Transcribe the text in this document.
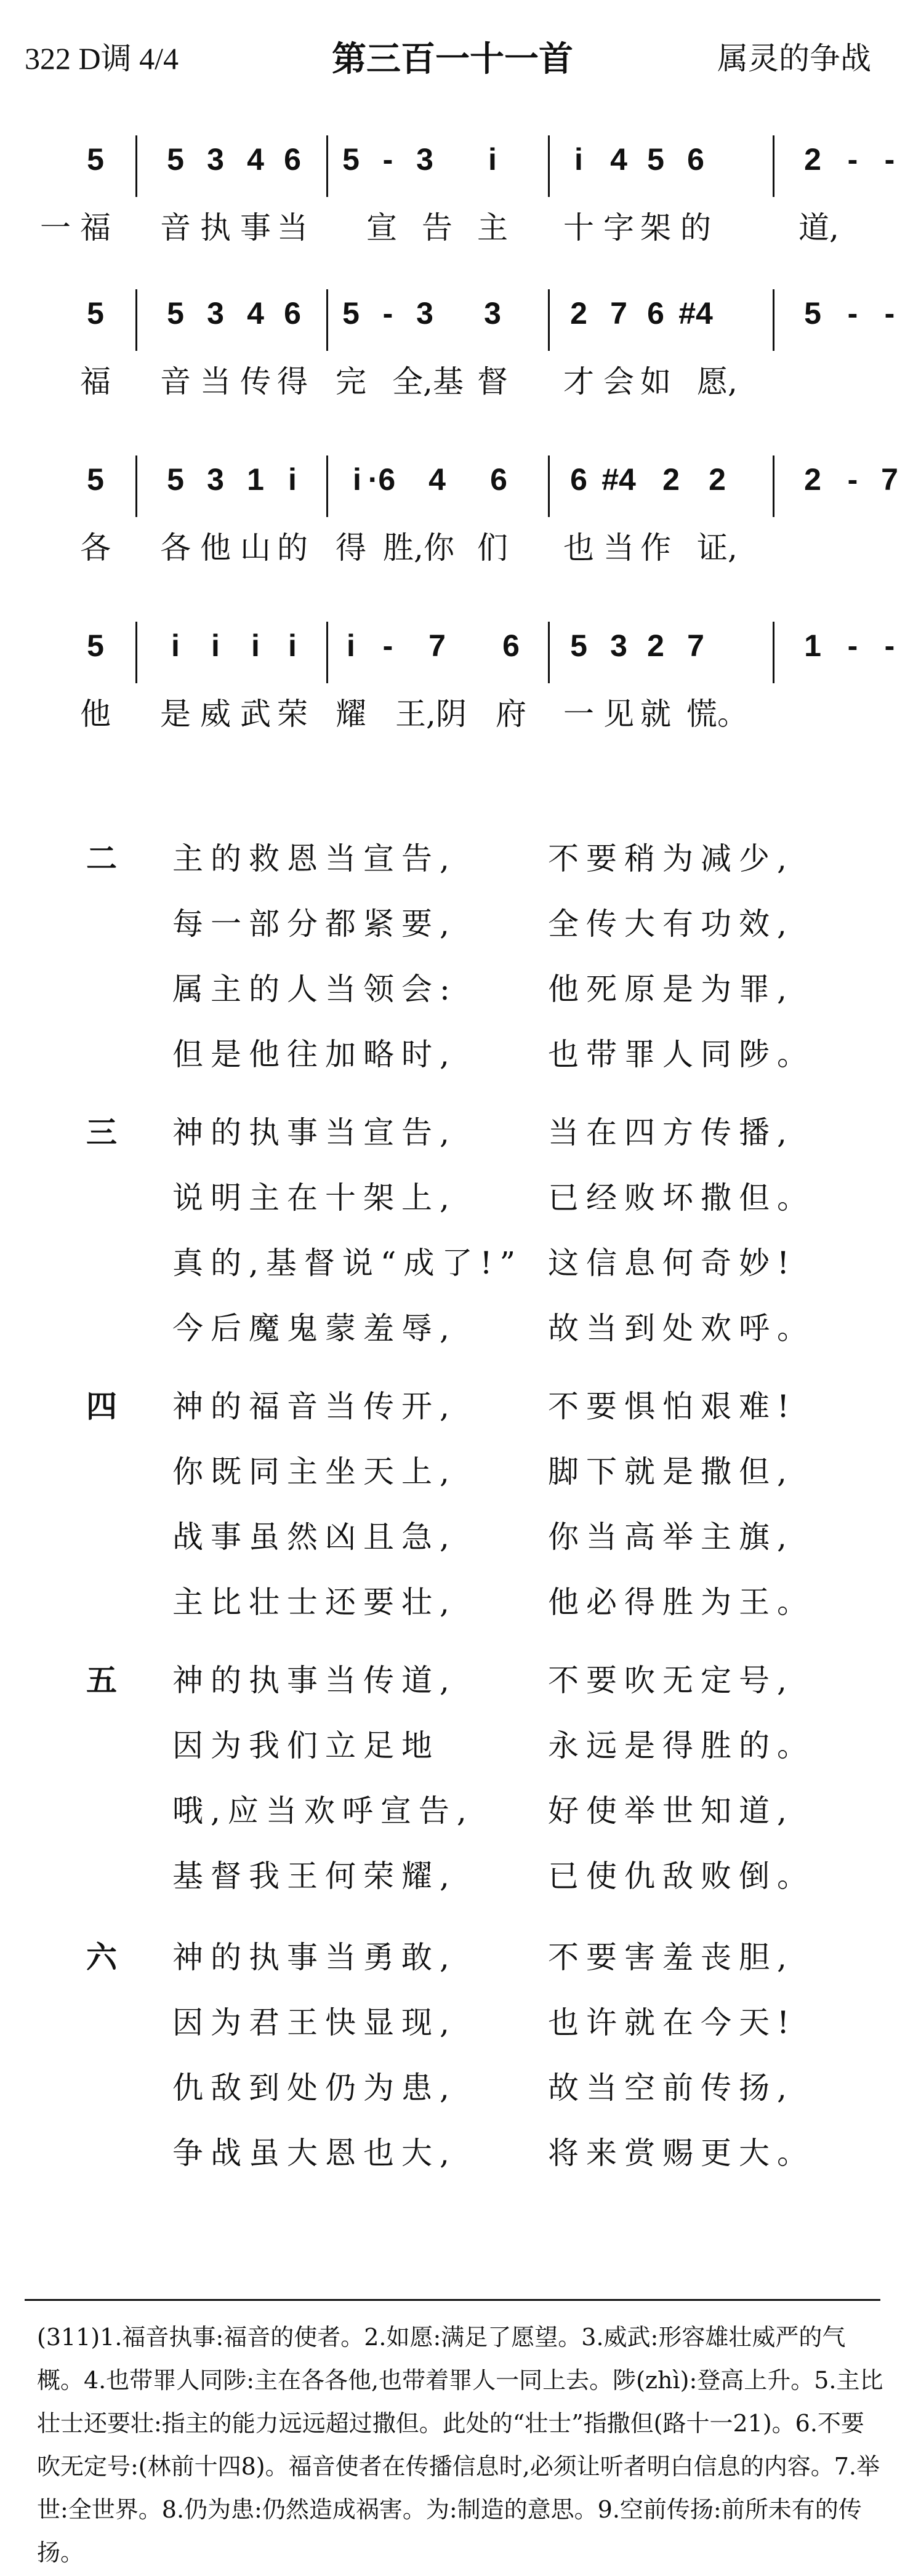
322 D调 4/4	第三百一十一首	属灵的争战
5 5 3 4 6 5 - 3 i	i 4 5 6	2 - -
一 福 音 执 事 当 宣 告 主 十 字 架 的	道,
5 5 3 4 6 5 - 3 3 2 7 6 #4	5 - -
福 音 当 传 得 完 全,基 督 才 会 如 愿,
5 5 3 1 i i ·6 4 6 6 #4 2 2	2 - 7
各 各 他 山 的 得 胜,你 们 也 当 作 证,
5 i i i i i - 7 6 5 3 2 7	1 - -
他 是 威 武 荣 耀 王,阴 府 一 见 就 慌。
二 主的救恩当宣告,	不要稍为减少,
每一部分都紧要,	全传大有功效,
属主的人当领会:	他死原是为罪,
但是他往加略时,	也带罪人同陟。
三 神的执事当宣告,	当在四方传播,
说明主在十架上,	已经败坏撒但。
真的,基督说“成了!” 这信息何奇妙!
今后魔鬼蒙羞辱,	故当到处欢呼。
四 神的福音当传开,	不要惧怕艰难!
你既同主坐天上,	脚下就是撒但,
战事虽然凶且急,	你当高举主旗,
主比壮士还要壮,	他必得胜为王。
五 神的执事当传道,	不要吹无定号,
因为我们立足地	永远是得胜的。
哦,应当欢呼宣告, 好使举世知道,
基督我王何荣耀,	已使仇敌败倒。
六 神的执事当勇敢,	不要害羞丧胆,
因为君王快显现,	也许就在今天!
仇敌到处仍为患,	故当空前传扬,
争战虽大恩也大,	将来赏赐更大。
(311)1.福音执事:福音的使者。2.如愿:满足了愿望。3.威武:形容雄壮威严的气概。4.也带罪人同陟:主在各各他,也带着罪人一同上去。陟(zhì):登高上升。5.主比壮士还要壮:指主的能力远远超过撒但。此处的“壮士”指撒但(路十一21)。6.不要吹无定号:(林前十四8)。福音使者在传播信息时,必须让听者明白信息的内容。7.举世:全世界。8.仍为患:仍然造成祸害。为:制造的意思。9.空前传扬:前所未有的传扬。
